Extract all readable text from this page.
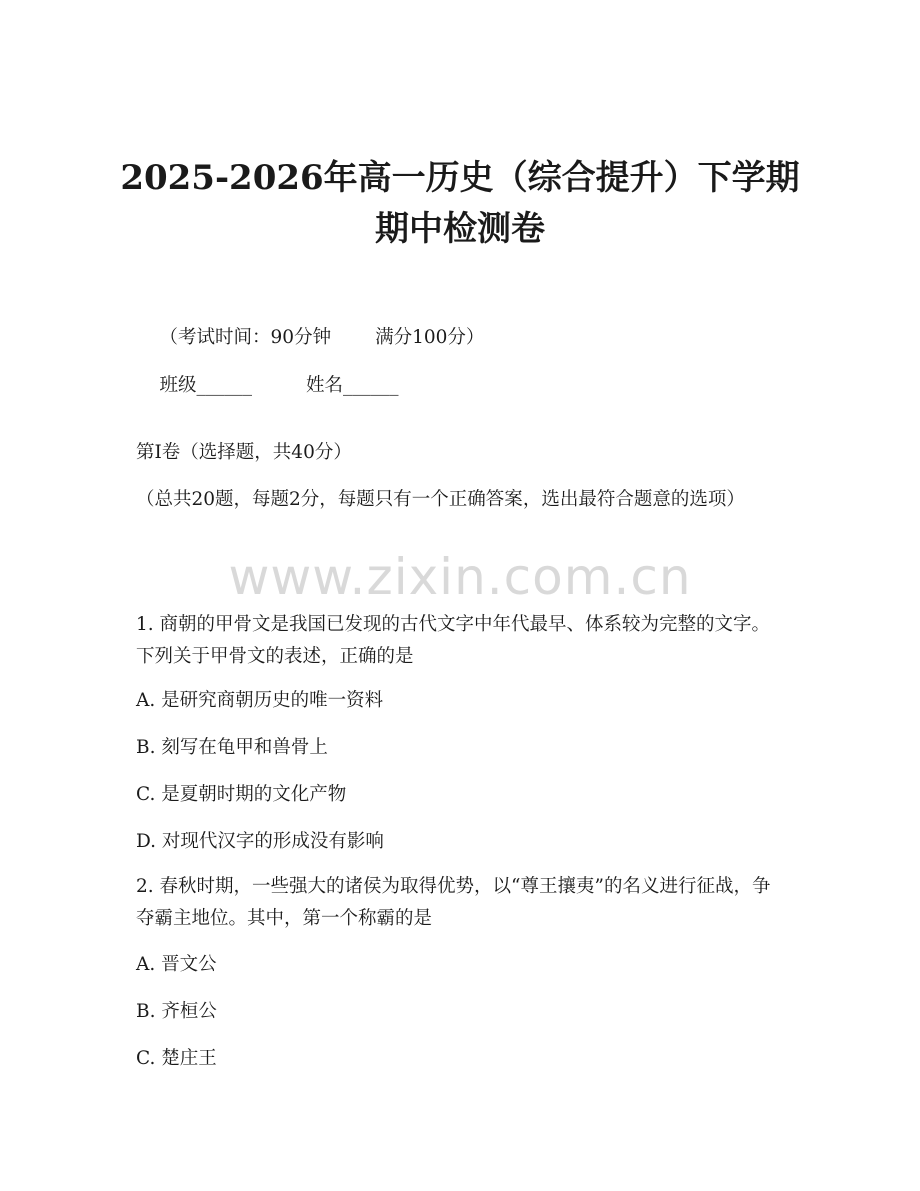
2025-2026年高一历史（综合提升）下学期
期中检测卷

（考试时间：90分钟 满分100分）

班级______	姓名______

第I卷（选择题，共40分）
（总共20题，每题2分，每题只有一个正确答案，选出最符合题意的选项）
www.zixin.com.cn
1. 商朝的甲骨文是我国已发现的古代文字中年代最早、体系较为完整的文字。下列关于甲骨文的表述，正确的是
A. 是研究商朝历史的唯一资料
B. 刻写在龟甲和兽骨上
C. 是夏朝时期的文化产物
D. 对现代汉字的形成没有影响
2. 春秋时期，一些强大的诸侯为取得优势，以“尊王攘夷”的名义进行征战，争夺霸主地位。其中，第一个称霸的是
A. 晋文公
B. 齐桓公
C. 楚庄王
